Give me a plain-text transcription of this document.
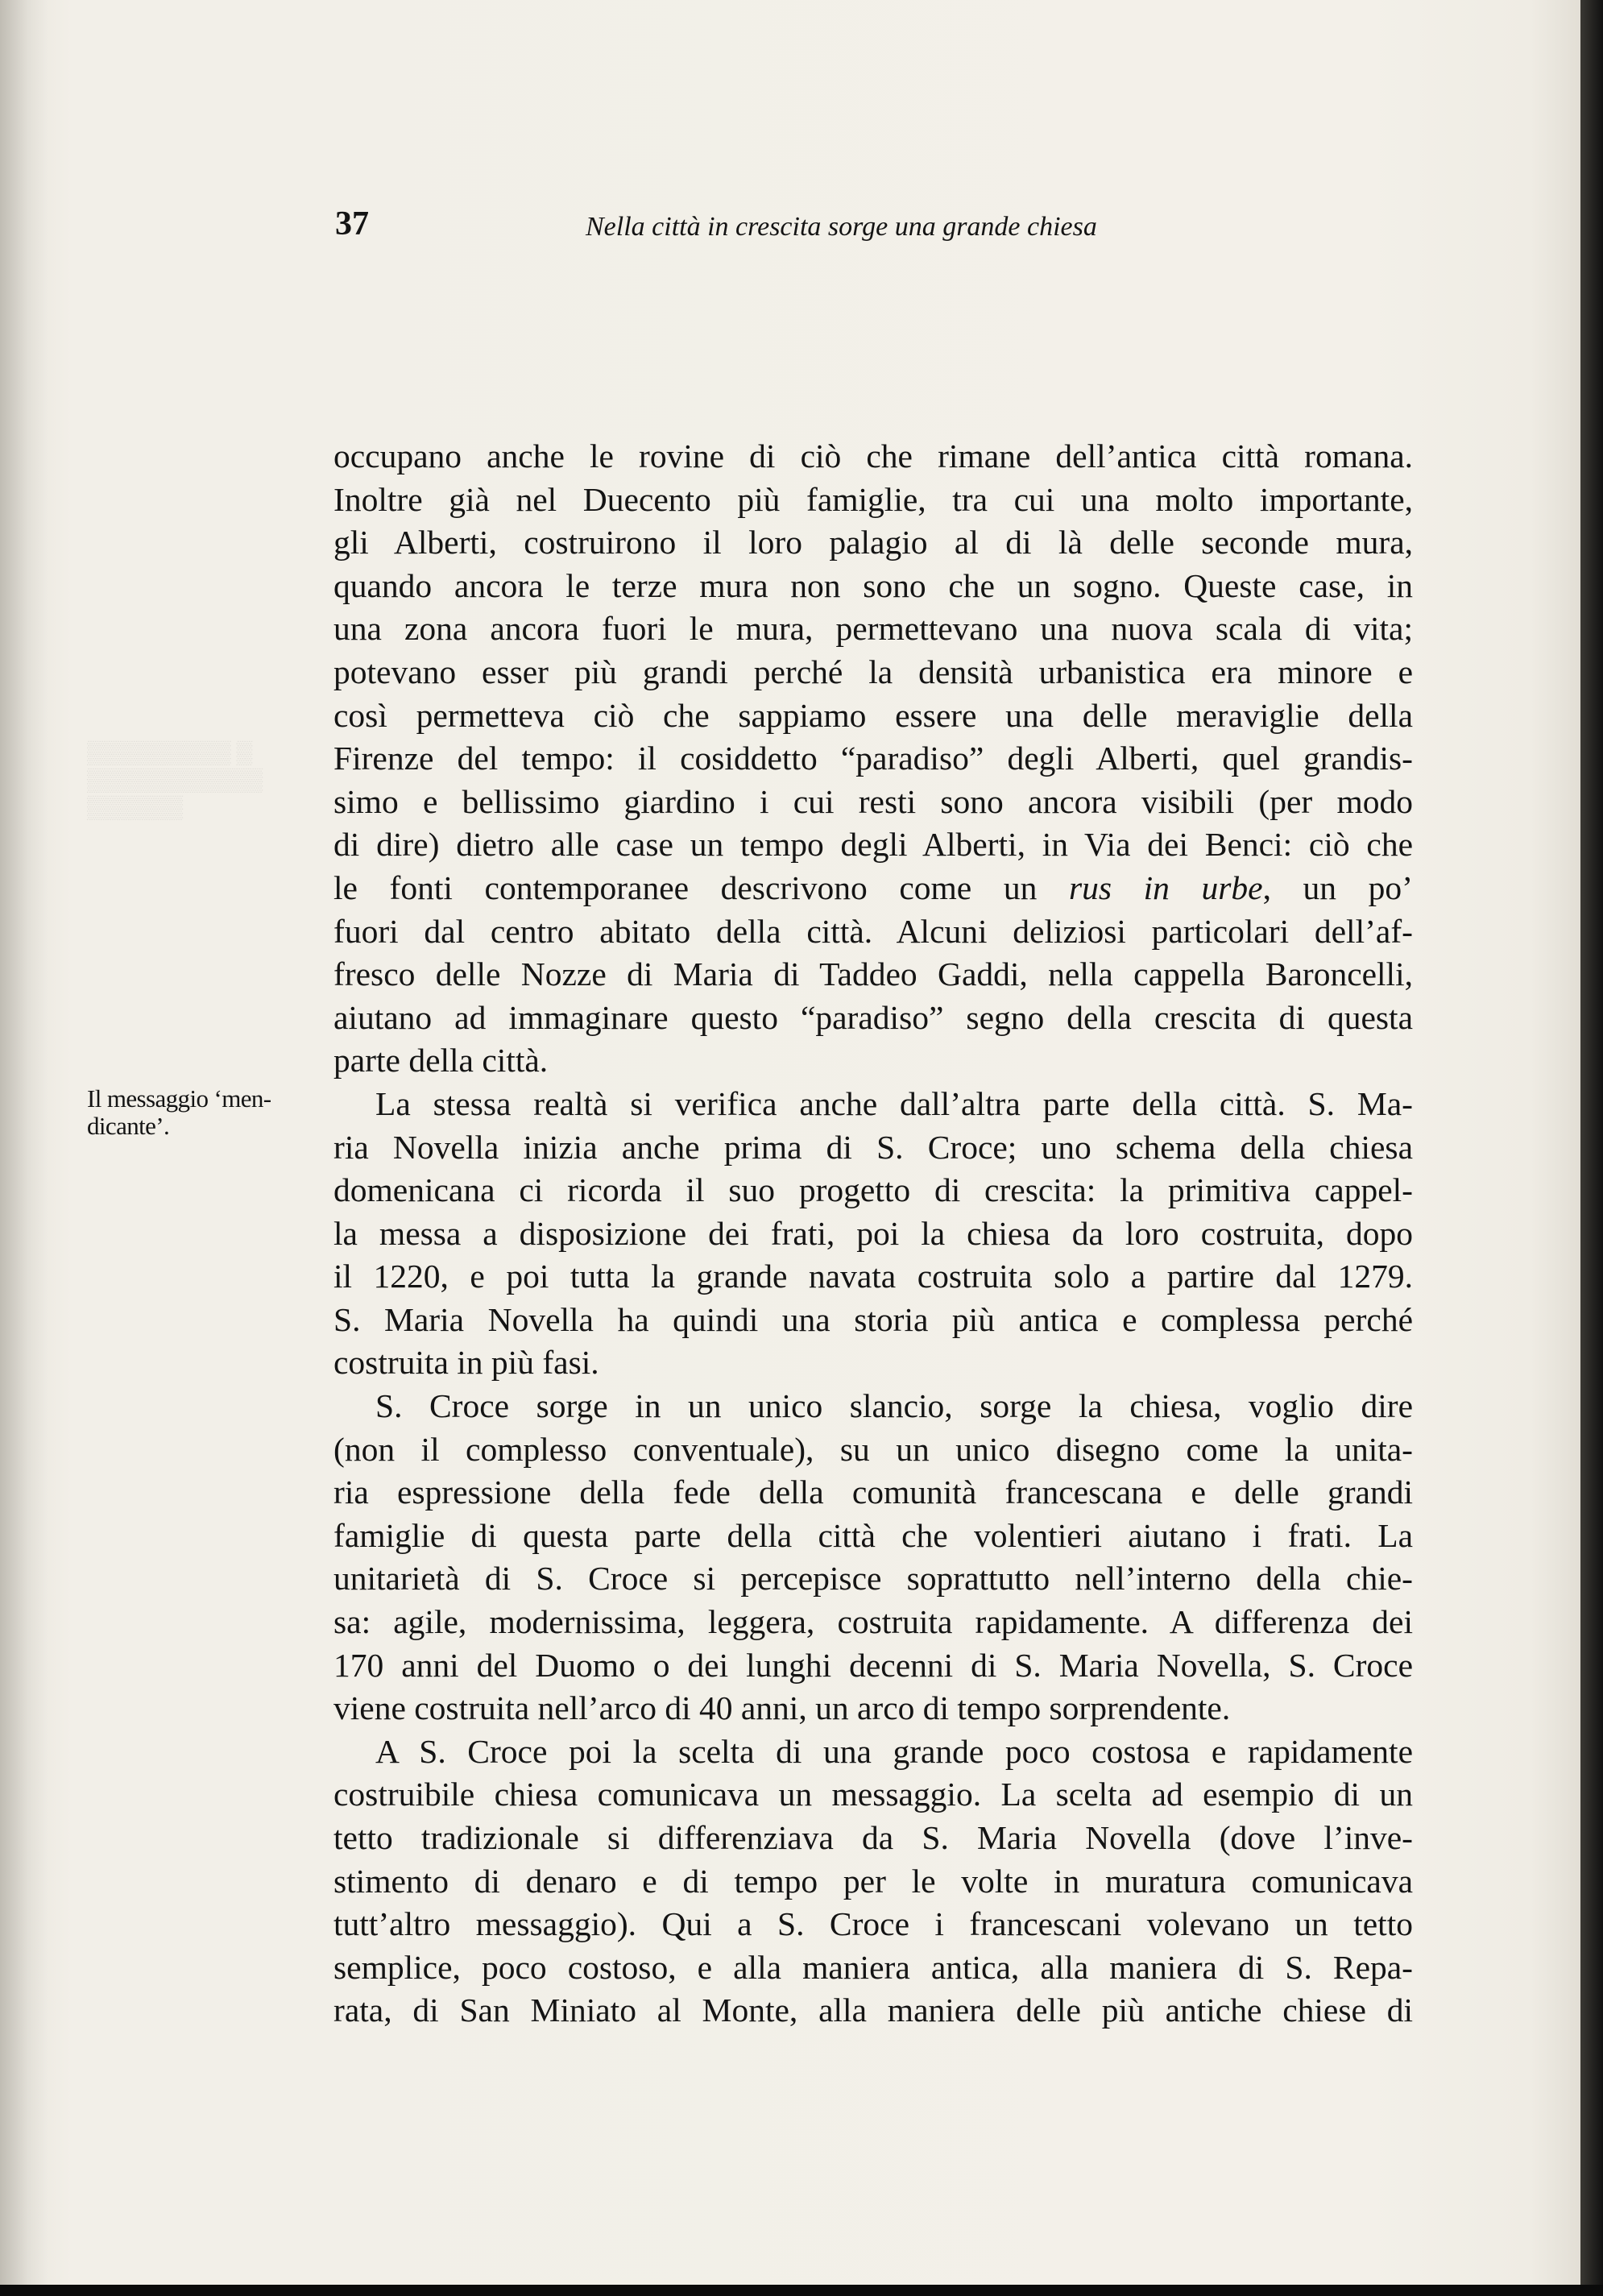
▒▒▒▒▒▒▒▒▒ ▒
▒▒▒▒▒▒▒▒▒▒▒
▒▒▒▒▒▒
37	Nella città in crescita sorge una grande chiesa
Il messaggio ‘men-
dicante’.
occupano anche le rovine di ciò che rimane dell’antica città romana.
Inoltre già nel Duecento più famiglie, tra cui una molto importante,
gli Alberti, costruirono il loro palagio al di là delle seconde mura,
quando ancora le terze mura non sono che un sogno. Queste case, in
una zona ancora fuori le mura, permettevano una nuova scala di vita;
potevano esser più grandi perché la densità urbanistica era minore e
così permetteva ciò che sappiamo essere una delle meraviglie della
Firenze del tempo: il cosiddetto “paradiso” degli Alberti, quel grandis-
simo e bellissimo giardino i cui resti sono ancora visibili (per modo
di dire) dietro alle case un tempo degli Alberti, in Via dei Benci: ciò che
le fonti contemporanee descrivono come un rus in urbe, un po’
fuori dal centro abitato della città. Alcuni deliziosi particolari dell’af-
fresco delle Nozze di Maria di Taddeo Gaddi, nella cappella Baroncelli,
aiutano ad immaginare questo “paradiso” segno della crescita di questa
parte della città.
La stessa realtà si verifica anche dall’altra parte della città. S. Ma-
ria Novella inizia anche prima di S. Croce; uno schema della chiesa
domenicana ci ricorda il suo progetto di crescita: la primitiva cappel-
la messa a disposizione dei frati, poi la chiesa da loro costruita, dopo
il 1220, e poi tutta la grande navata costruita solo a partire dal 1279.
S. Maria Novella ha quindi una storia più antica e complessa perché
costruita in più fasi.
S. Croce sorge in un unico slancio, sorge la chiesa, voglio dire
(non il complesso conventuale), su un unico disegno come la unita-
ria espressione della fede della comunità francescana e delle grandi
famiglie di questa parte della città che volentieri aiutano i frati. La
unitarietà di S. Croce si percepisce soprattutto nell’interno della chie-
sa: agile, modernissima, leggera, costruita rapidamente. A differenza dei
170 anni del Duomo o dei lunghi decenni di S. Maria Novella, S. Croce
viene costruita nell’arco di 40 anni, un arco di tempo sorprendente.
A S. Croce poi la scelta di una grande poco costosa e rapidamente
costruibile chiesa comunicava un messaggio. La scelta ad esempio di un
tetto tradizionale si differenziava da S. Maria Novella (dove l’inve-
stimento di denaro e di tempo per le volte in muratura comunicava
tutt’altro messaggio). Qui a S. Croce i francescani volevano un tetto
semplice, poco costoso, e alla maniera antica, alla maniera di S. Repa-
rata, di San Miniato al Monte, alla maniera delle più antiche chiese di
